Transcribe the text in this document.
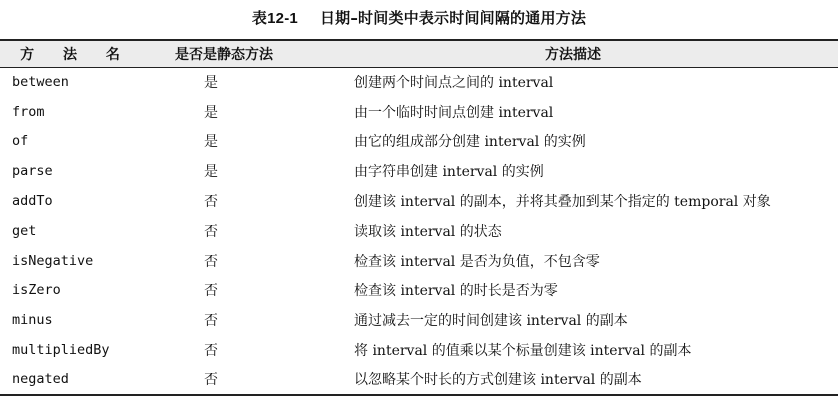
表12-1 日期–时间类中表示时间间隔的通用方法
方 法 名	是否是静态方法	方法描述
between	是	创建两个时间点之间的 interval
from	是	由一个临时时间点创建 interval
of	是	由它的组成部分创建 interval 的实例
parse	是	由字符串创建 interval 的实例
addTo	否	创建该 interval 的副本，并将其叠加到某个指定的 temporal 对象
get	否	读取该 interval 的状态
isNegative	否	检查该 interval 是否为负值，不包含零
isZero	否	检查该 interval 的时长是否为零
minus	否	通过减去一定的时间创建该 interval 的副本
multipliedBy	否	将 interval 的值乘以某个标量创建该 interval 的副本
negated	否	以忽略某个时长的方式创建该 interval 的副本
